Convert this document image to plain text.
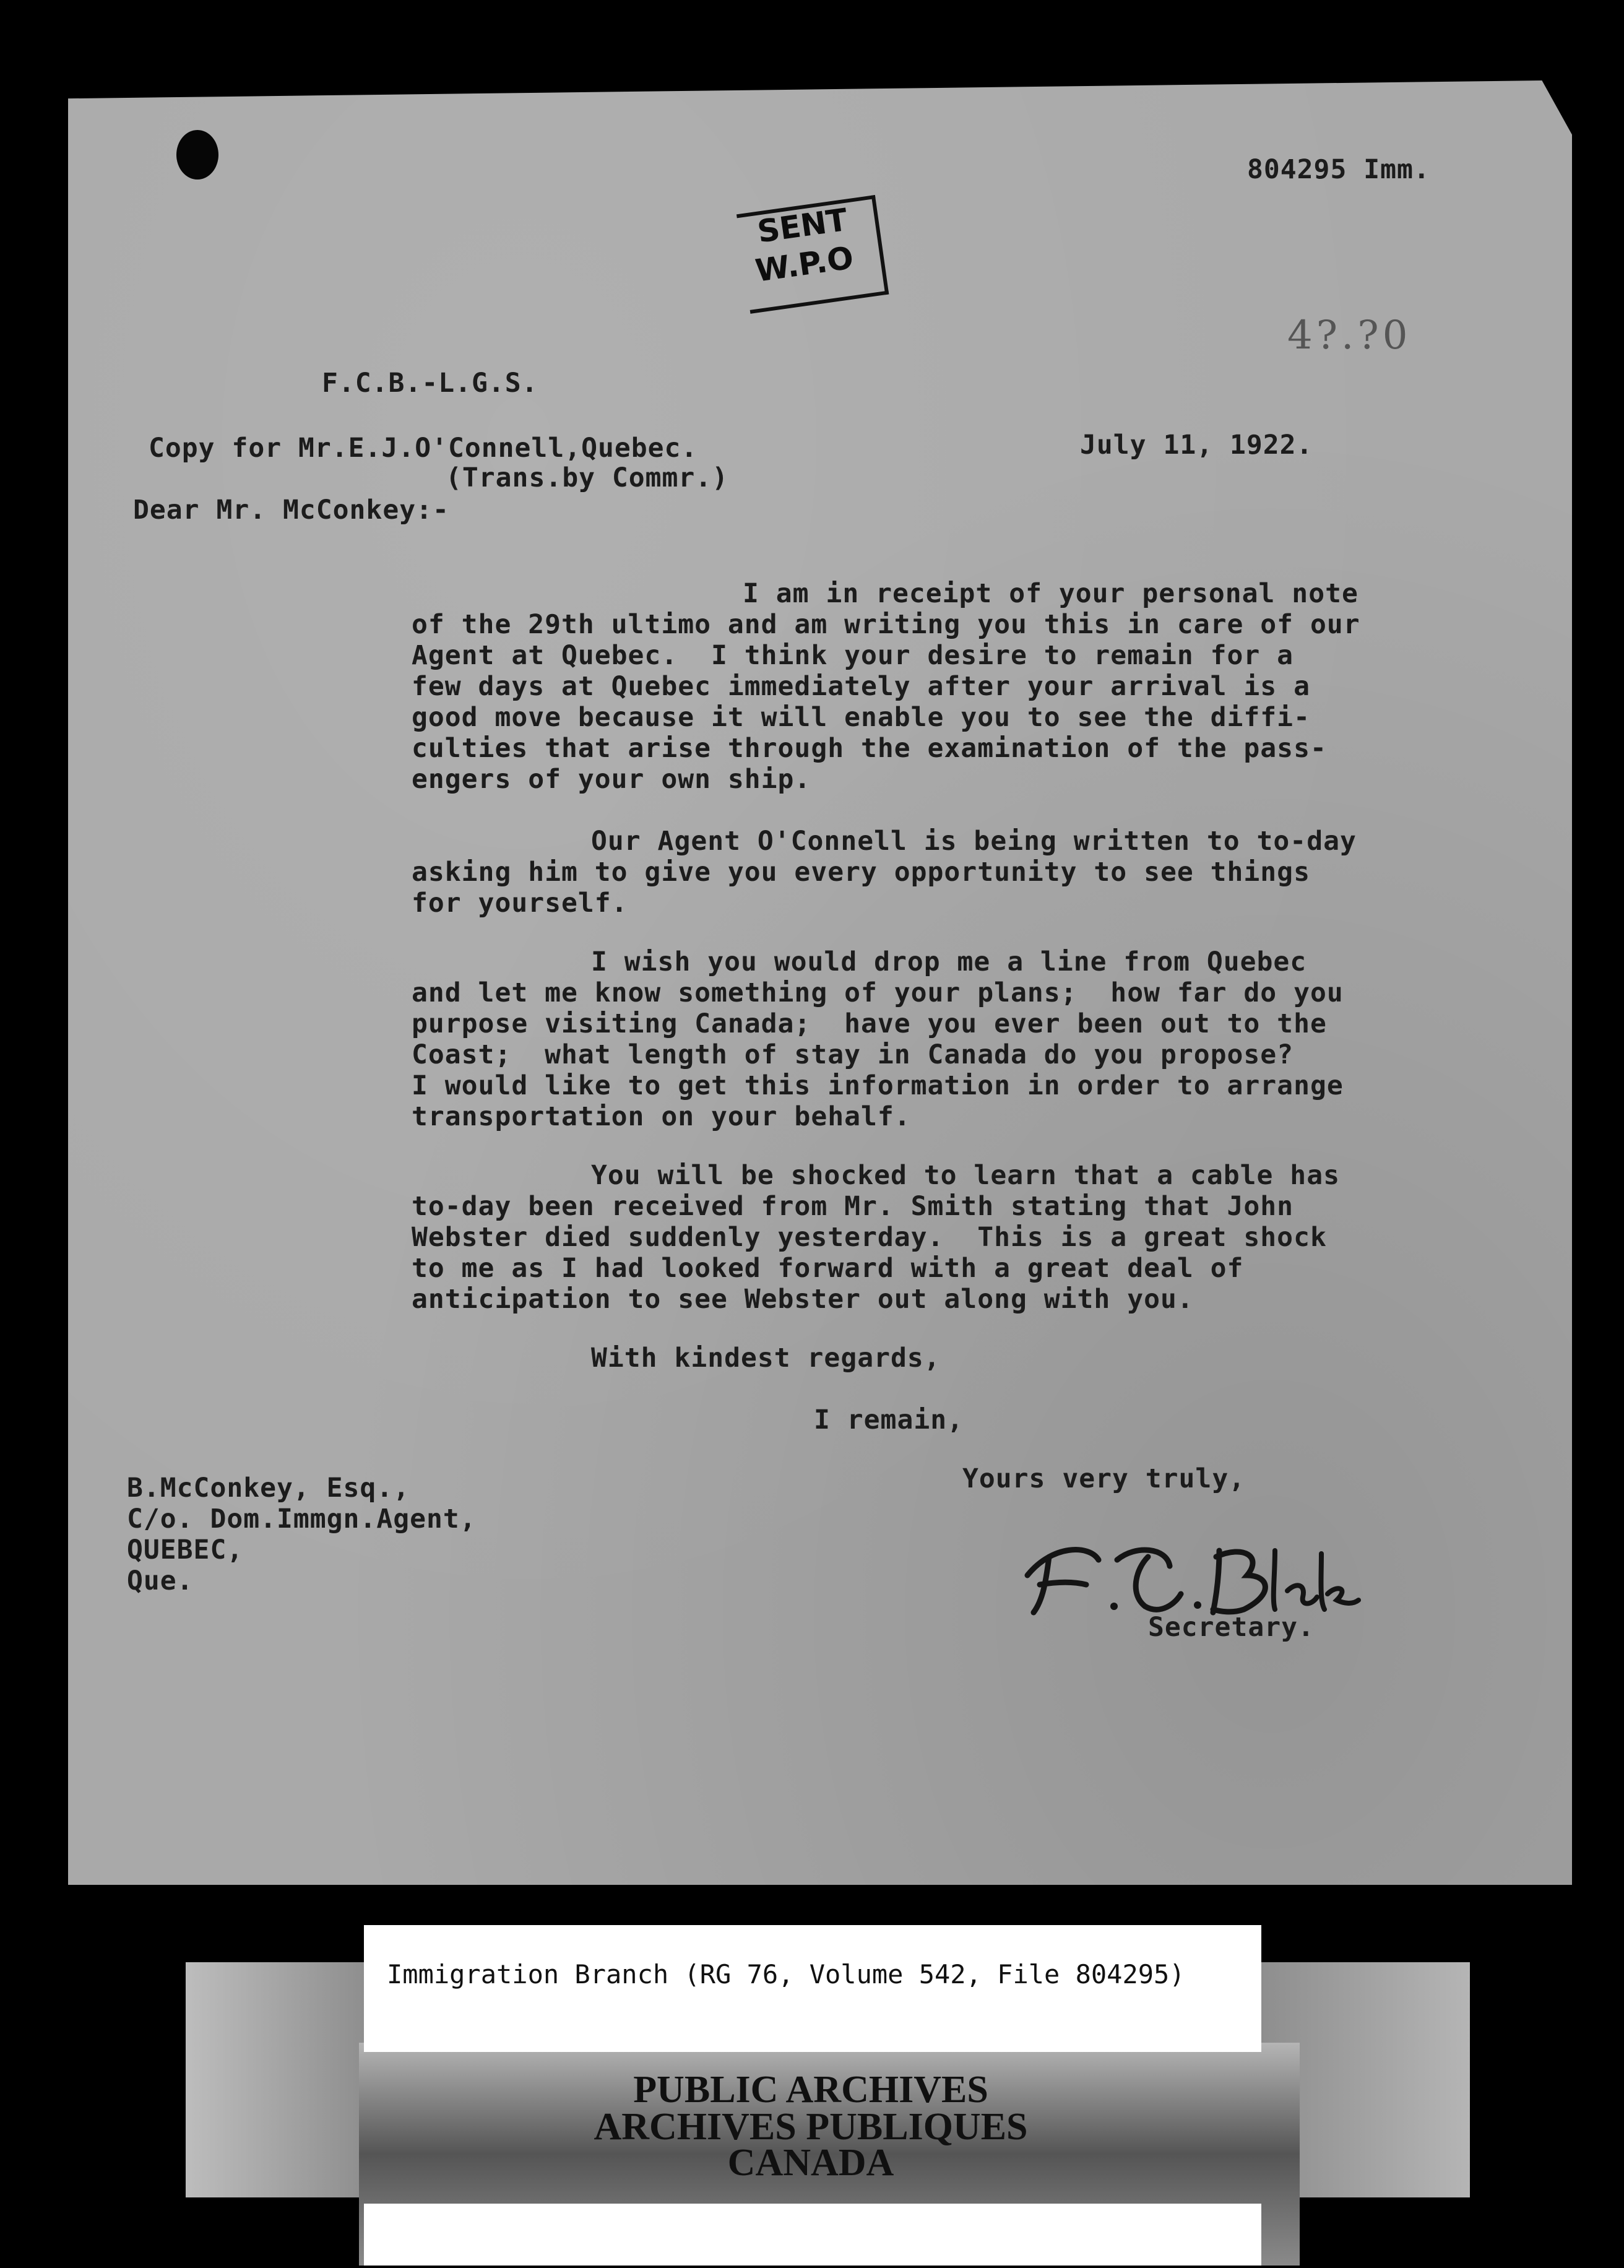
804295 Imm.

SENT
W.P.O
4?.?0

F.C.B.-L.G.S.

Copy for Mr.E.J.O'Connell,Quebec.	July 11, 1922.

(Trans.by Commr.)

Dear Mr. McConkey:-

I am in receipt of your personal note

of the 29th ultimo and am writing you this in care of our

Agent at Quebec.  I think your desire to remain for a

few days at Quebec immediately after your arrival is a

good move because it will enable you to see the diffi-

culties that arise through the examination of the pass-

engers of your own ship.

Our Agent O'Connell is being written to to-day

asking him to give you every opportunity to see things

for yourself.

I wish you would drop me a line from Quebec

and let me know something of your plans;  how far do you

purpose visiting Canada;  have you ever been out to the

Coast;  what length of stay in Canada do you propose?

I would like to get this information in order to arrange

transportation on your behalf.

You will be shocked to learn that a cable has

to-day been received from Mr. Smith stating that John

Webster died suddenly yesterday.  This is a great shock

to me as I had looked forward with a great deal of

anticipation to see Webster out along with you.

With kindest regards,

I remain,

Yours very truly,

B.McConkey, Esq.,

C/o. Dom.Immgn.Agent,

QUEBEC,

Que.

Secretary.

Immigration Branch (RG 76, Volume 542, File 804295)
PUBLIC ARCHIVES
ARCHIVES PUBLIQUES
CANADA
